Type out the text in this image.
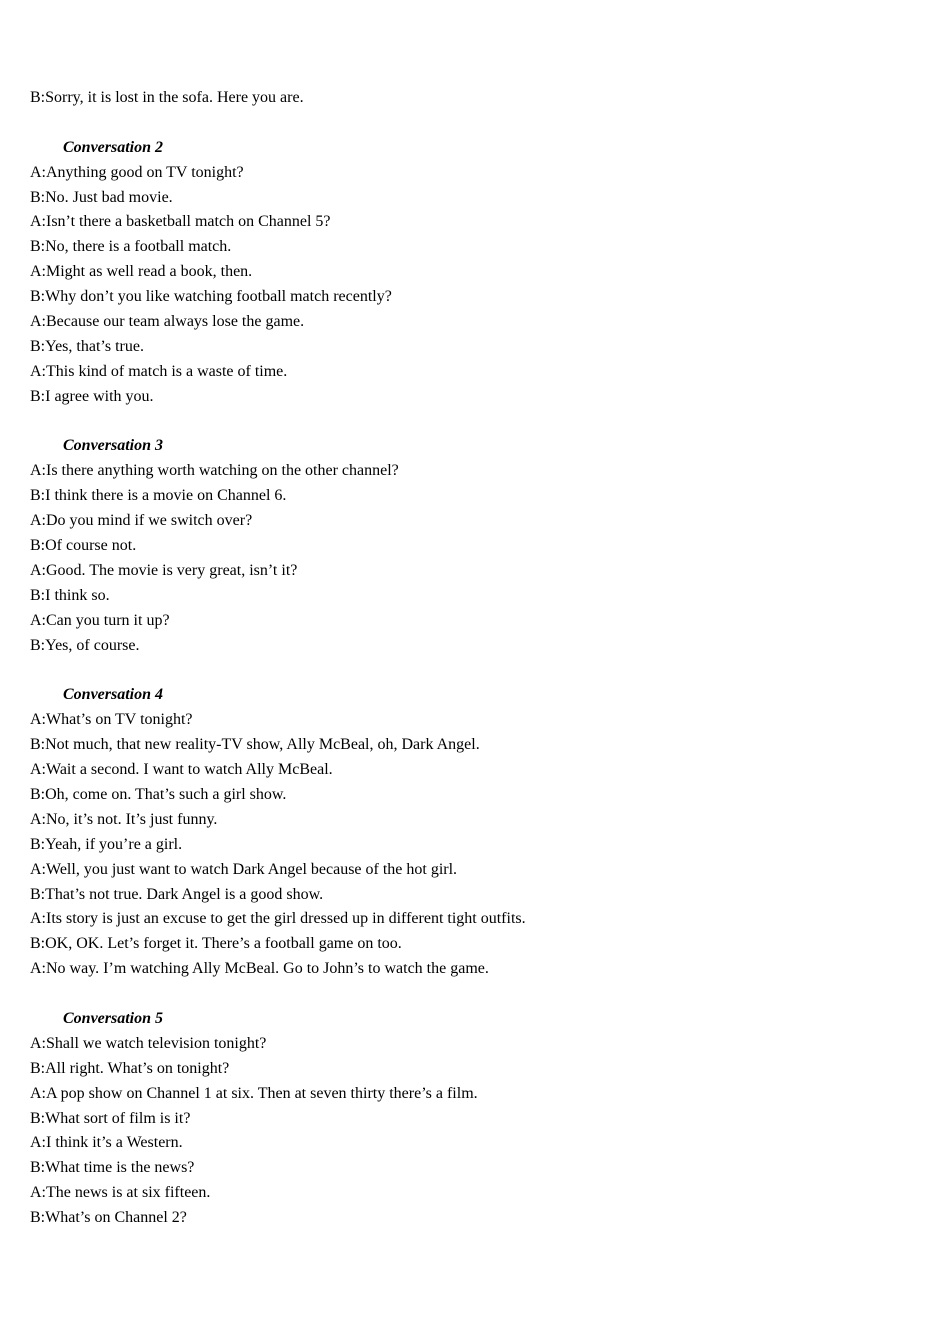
B:Sorry, it is lost in the sofa. Here you are.
Conversation 2
A:Anything good on TV tonight?
B:No. Just bad movie.
A:Isn’t there a basketball match on Channel 5?
B:No, there is a football match.
A:Might as well read a book, then.
B:Why don’t you like watching football match recently?
A:Because our team always lose the game.
B:Yes, that’s true.
A:This kind of match is a waste of time.
B:I agree with you.
Conversation 3
A:Is there anything worth watching on the other channel?
B:I think there is a movie on Channel 6.
A:Do you mind if we switch over?
B:Of course not.
A:Good. The movie is very great, isn’t it?
B:I think so.
A:Can you turn it up?
B:Yes, of course.
Conversation 4
A:What’s on TV tonight?
B:Not much, that new reality-TV show, Ally McBeal, oh, Dark Angel.
A:Wait a second. I want to watch Ally McBeal.
B:Oh, come on. That’s such a girl show.
A:No, it’s not. It’s just funny.
B:Yeah, if you’re a girl.
A:Well, you just want to watch Dark Angel because of the hot girl.
B:That’s not true. Dark Angel is a good show.
A:Its story is just an excuse to get the girl dressed up in different tight outfits.
B:OK, OK. Let’s forget it. There’s a football game on too.
A:No way. I’m watching Ally McBeal. Go to John’s to watch the game.
Conversation 5
A:Shall we watch television tonight?
B:All right. What’s on tonight?
A:A pop show on Channel 1 at six. Then at seven thirty there’s a film.
B:What sort of film is it?
A:I think it’s a Western.
B:What time is the news?
A:The news is at six fifteen.
B:What’s on Channel 2?
